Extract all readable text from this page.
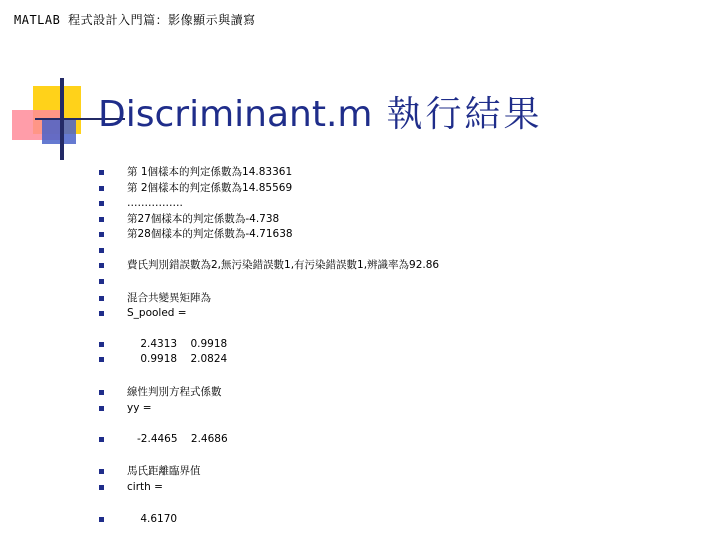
MATLAB 程式設計入門篇：影像顯示與讀寫
Discriminant.m 執行結果
第 1個樣本的判定係數為14.83361
第 2個樣本的判定係數為14.85569
…………….
第27個樣本的判定係數為-4.738
第28個樣本的判定係數為-4.71638
費氏判別錯誤數為2,無污染錯誤數1,有污染錯誤數1,辨識率為92.86
混合共變異矩陣為
S_pooled =
2.4313    0.9918
0.9918    2.0824
線性判別方程式係數
yy =
-2.4465    2.4686
馬氏距離臨界值
cirth =
4.6170
